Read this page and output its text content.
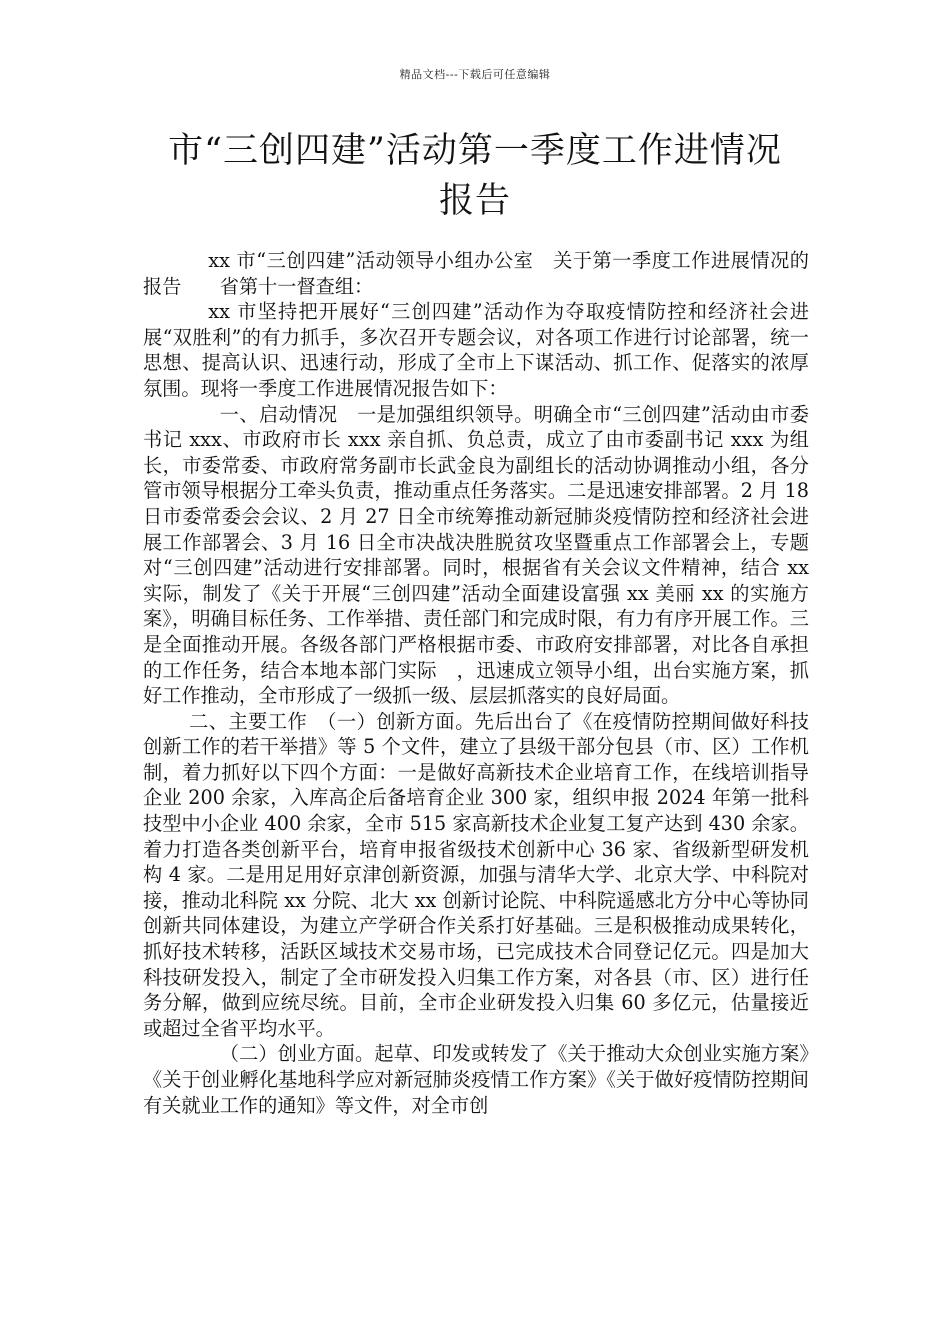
精品文档---下载后可任意编辑
市“三创四建”活动第一季度工作进情况
报告

xx 市“三创四建”活动领导小组办公室　关于第一季度工作进展情况的报告　　省第十一督查组：

xx 市坚持把开展好“三创四建”活动作为夺取疫情防控和经济社会进展“双胜利”的有力抓手，多次召开专题会议，对各项工作进行讨论部署，统一思想、提高认识、迅速行动，形成了全市上下谋活动、抓工作、促落实的浓厚氛围。现将一季度工作进展情况报告如下：

一、启动情况　一是加强组织领导。明确全市“三创四建”活动由市委书记 xxx、市政府市长 xxx 亲自抓、负总责，成立了由市委副书记 xxx 为组长，市委常委、市政府常务副市长武金良为副组长的活动协调推动小组，各分管市领导根据分工牵头负责，推动重点任务落实。二是迅速安排部署。2 月 18 日市委常委会会议、2 月 27 日全市统筹推动新冠肺炎疫情防控和经济社会进展工作部署会、3 月 16 日全市决战决胜脱贫攻坚暨重点工作部署会上，专题对“三创四建”活动进行安排部署。同时，根据省有关会议文件精神，结合 xx 实际，制发了《关于开展“三创四建”活动全面建设富强 xx 美丽 xx 的实施方案》，明确目标任务、工作举措、责任部门和完成时限，有力有序开展工作。三是全面推动开展。各级各部门严格根据市委、市政府安排部署，对比各自承担的工作任务，结合本地本部门实际　，迅速成立领导小组，出台实施方案，抓好工作推动，全市形成了一级抓一级、层层抓落实的良好局面。

二、主要工作　（一）创新方面。先后出台了《在疫情防控期间做好科技创新工作的若干举措》等 5 个文件，建立了县级干部分包县（市、区）工作机制，着力抓好以下四个方面：一是做好高新技术企业培育工作，在线培训指导企业 200 余家，入库高企后备培育企业 300 家，组织申报 2024 年第一批科技型中小企业 400 余家，全市 515 家高新技术企业复工复产达到 430 余家。着力打造各类创新平台，培育申报省级技术创新中心 36 家、省级新型研发机构 4 家。二是用足用好京津创新资源，加强与清华大学、北京大学、中科院对接，推动北科院 xx 分院、北大 xx 创新讨论院、中科院遥感北方分中心等协同创新共同体建设，为建立产学研合作关系打好基础。三是积极推动成果转化，抓好技术转移，活跃区域技术交易市场，已完成技术合同登记亿元。四是加大科技研发投入，制定了全市研发投入归集工作方案，对各县（市、区）进行任务分解，做到应统尽统。目前，全市企业研发投入归集 60 多亿元，估量接近或超过全省平均水平。

（二）创业方面。起草、印发或转发了《关于推动大众创业实施方案》《关于创业孵化基地科学应对新冠肺炎疫情工作方案》《关于做好疫情防控期间有关就业工作的通知》等文件，对全市创
